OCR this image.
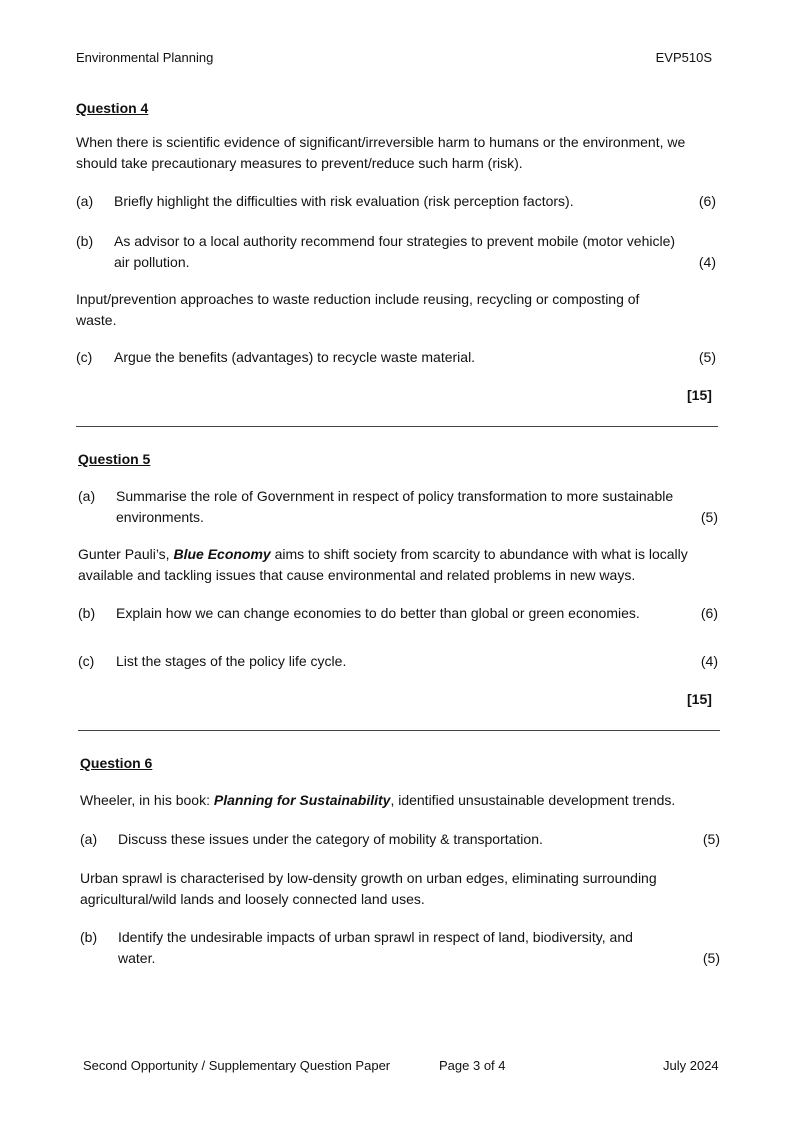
Environmental Planning	EVP510S
Question 4
When there is scientific evidence of significant/irreversible harm to humans or the environment, we should take precautionary measures to prevent/reduce such harm (risk).
(a)	Briefly highlight the difficulties with risk evaluation (risk perception factors).	(6)
(b)	As advisor to a local authority recommend four strategies to prevent mobile (motor vehicle) air pollution.	(4)
Input/prevention approaches to waste reduction include reusing, recycling or composting of waste.
(c)	Argue the benefits (advantages) to recycle waste material.	(5)
[15]
Question 5
(a)	Summarise the role of Government in respect of policy transformation to more sustainable environments.	(5)
Gunter Pauli’s, Blue Economy aims to shift society from scarcity to abundance with what is locally available and tackling issues that cause environmental and related problems in new ways.
(b)	Explain how we can change economies to do better than global or green economies.	(6)
(c)	List the stages of the policy life cycle.	(4)
[15]
Question 6
Wheeler, in his book: Planning for Sustainability, identified unsustainable development trends.
(a)	Discuss these issues under the category of mobility & transportation.	(5)
Urban sprawl is characterised by low-density growth on urban edges, eliminating surrounding agricultural/wild lands and loosely connected land uses.
(b)	Identify the undesirable impacts of urban sprawl in respect of land, biodiversity, and water.	(5)
Second Opportunity / Supplementary Question Paper	Page 3 of 4	July 2024
